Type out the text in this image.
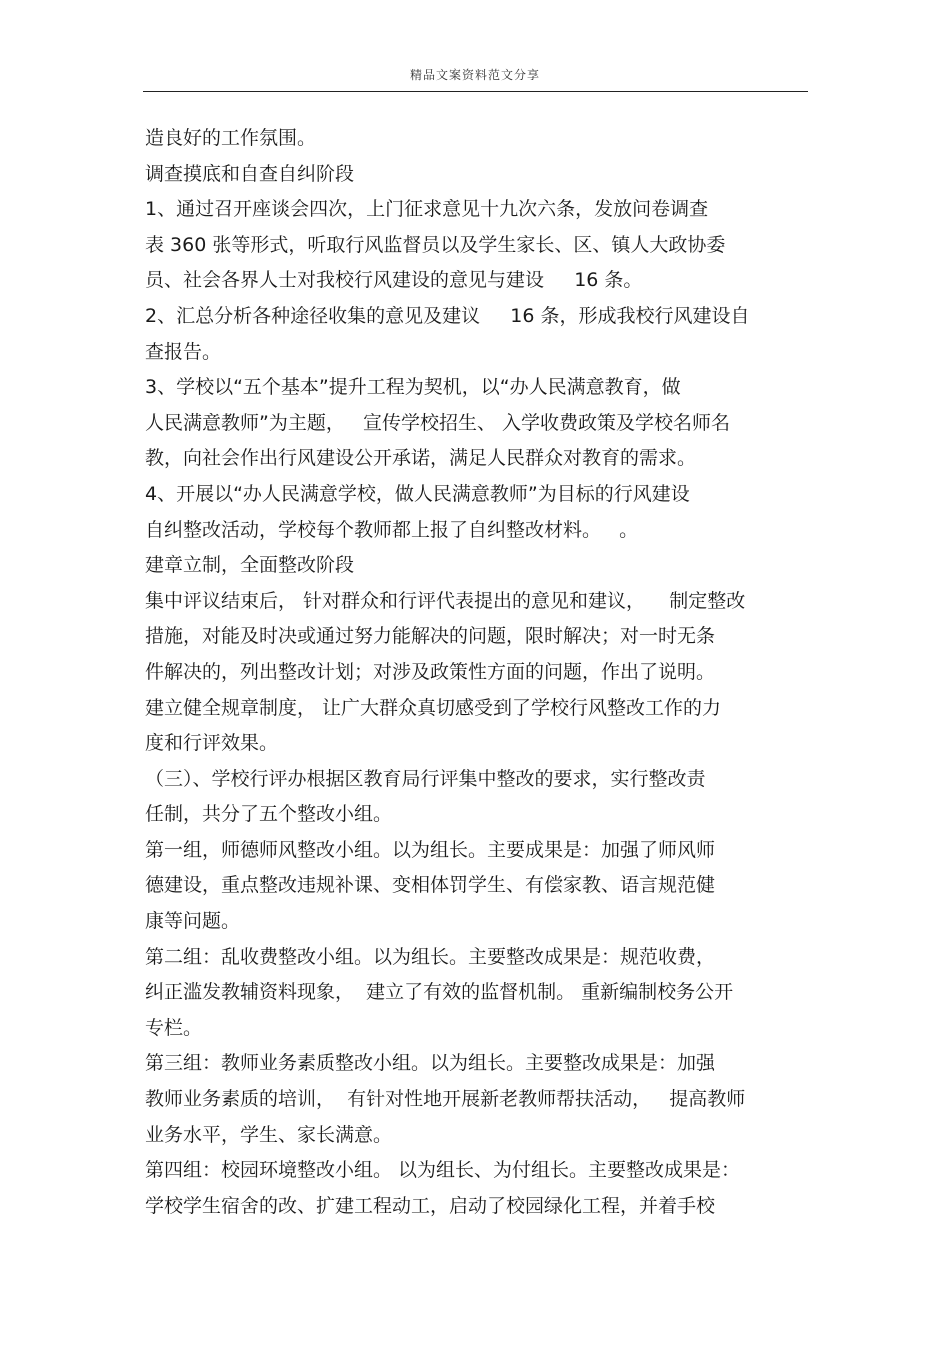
精品文案资料范文分享
造良好的工作氛围。
调查摸底和自查自纠阶段
1、通过召开座谈会四次，上门征求意见十九次六条，发放问卷调查
表 360 张等形式，听取行风监督员以及学生家长、区、镇人大政协委
员、社会各界人士对我校行风建设的意见与建设     16 条。
2、汇总分析各种途径收集的意见及建议     16 条，形成我校行风建设自
查报告。
3、学校以“五个基本”提升工程为契机，以“办人民满意教育，做
人民满意教师”为主题，   宣传学校招生、 入学收费政策及学校名师名
教，向社会作出行风建设公开承诺，满足人民群众对教育的需求。
4、开展以“办人民满意学校，做人民满意教师”为目标的行风建设
自纠整改活动，学校每个教师都上报了自纠整改材料。   。
建章立制，全面整改阶段
集中评议结束后， 针对群众和行评代表提出的意见和建议，    制定整改
措施，对能及时决或通过努力能解决的问题，限时解决；对一时无条
件解决的，列出整改计划；对涉及政策性方面的问题，作出了说明。
建立健全规章制度， 让广大群众真切感受到了学校行风整改工作的力
度和行评效果。
（三）、学校行评办根据区教育局行评集中整改的要求，实行整改责
任制，共分了五个整改小组。
第一组，师德师风整改小组。以为组长。主要成果是：加强了师风师
德建设，重点整改违规补课、变相体罚学生、有偿家教、语言规范健
康等问题。
第二组：乱收费整改小组。以为组长。主要整改成果是：规范收费，
纠正滥发教辅资料现象，  建立了有效的监督机制。 重新编制校务公开
专栏。
第三组：教师业务素质整改小组。以为组长。主要整改成果是：加强
教师业务素质的培训，  有针对性地开展新老教师帮扶活动，   提高教师
业务水平，学生、家长满意。
第四组：校园环境整改小组。 以为组长、为付组长。主要整改成果是：
学校学生宿舍的改、扩建工程动工，启动了校园绿化工程，并着手校
